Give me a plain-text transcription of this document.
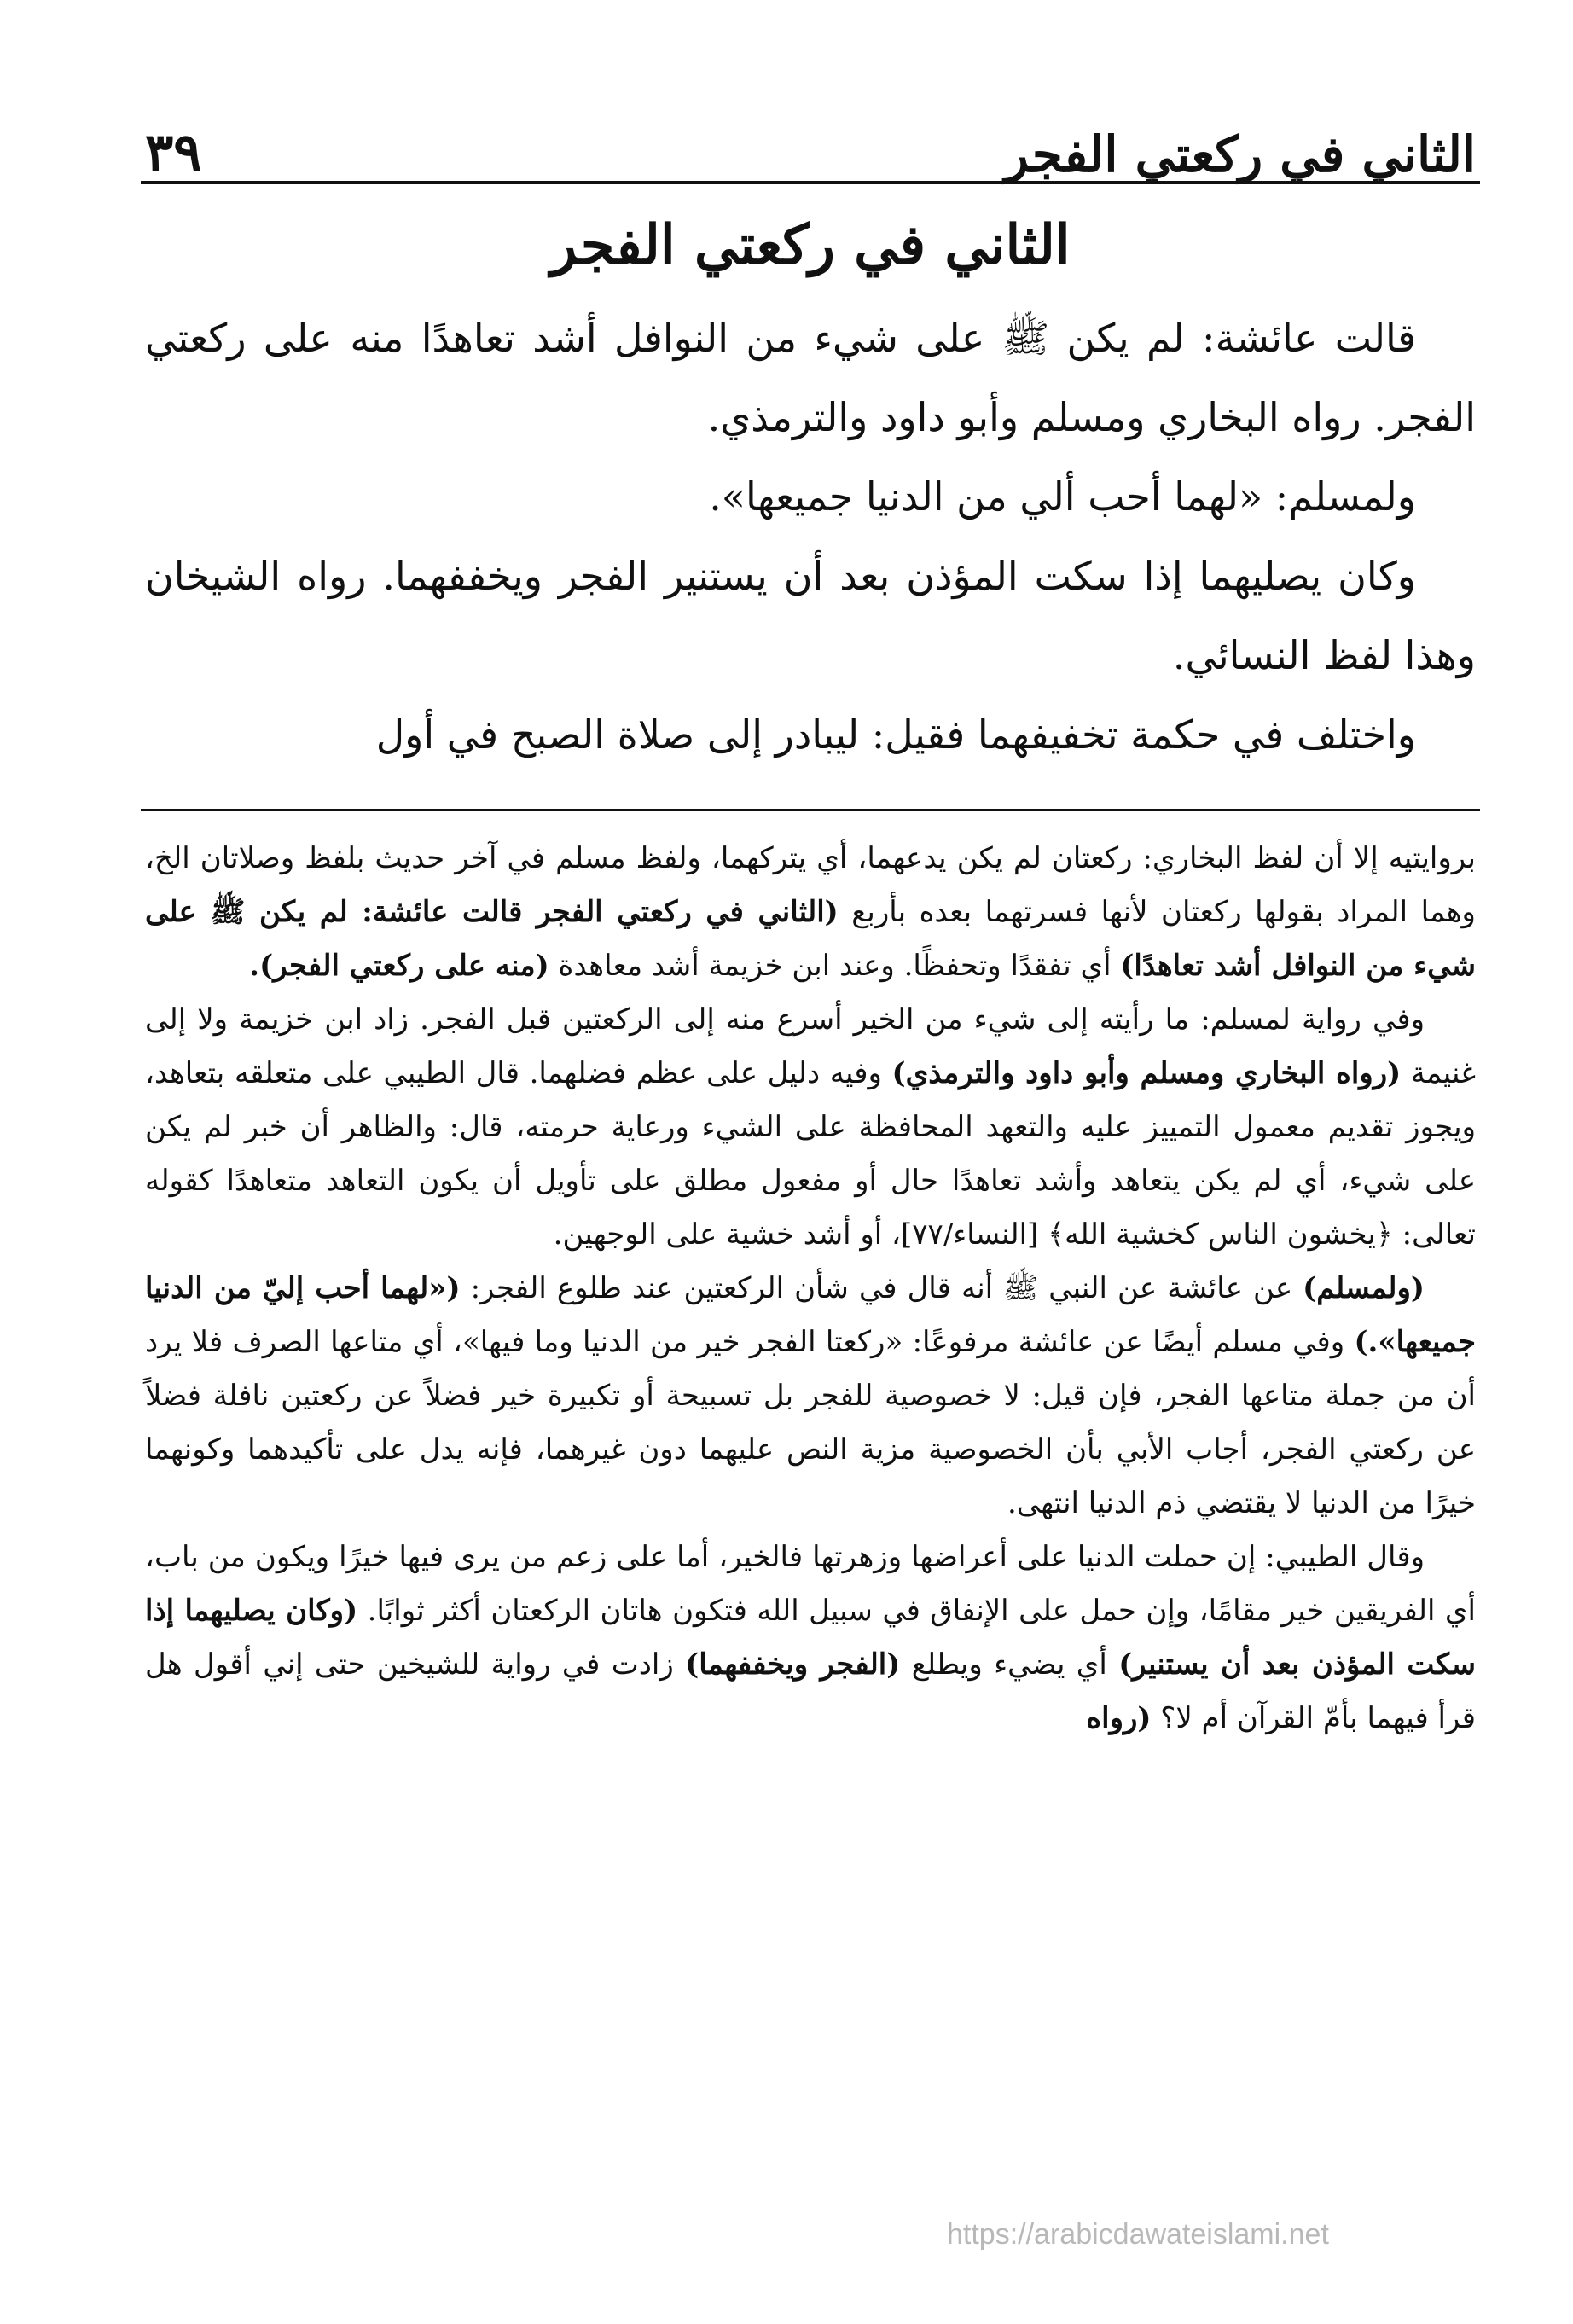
الثاني في ركعتي الفجر
٣٩
الثاني في ركعتي الفجر

قالت عائشة: لم يكن ﷺ على شيء من النوافل أشد تعاهدًا منه على ركعتي الفجر. رواه البخاري ومسلم وأبو داود والترمذي.

ولمسلم: «لهما أحب ألي من الدنيا جميعها».

وكان يصليهما إذا سكت المؤذن بعد أن يستنير الفجر ويخففهما. رواه الشيخان وهذا لفظ النسائي.

واختلف في حكمة تخفيفهما فقيل: ليبادر إلى صلاة الصبح في أول

بروايتيه إلا أن لفظ البخاري: ركعتان لم يكن يدعهما، أي يتركهما، ولفظ مسلم في آخر حديث بلفظ وصلاتان الخ، وهما المراد بقولها ركعتان لأنها فسرتهما بعده بأربع (الثاني في ركعتي الفجر قالت عائشة: لم يكن ﷺ على شيء من النوافل أشد تعاهدًا) أي تفقدًا وتحفظًا. وعند ابن خزيمة أشد معاهدة (منه على ركعتي الفجر).

وفي رواية لمسلم: ما رأيته إلى شيء من الخير أسرع منه إلى الركعتين قبل الفجر. زاد ابن خزيمة ولا إلى غنيمة (رواه البخاري ومسلم وأبو داود والترمذي) وفيه دليل على عظم فضلهما. قال الطيبي على متعلقه بتعاهد، ويجوز تقديم معمول التمييز عليه والتعهد المحافظة على الشيء ورعاية حرمته، قال: والظاهر أن خبر لم يكن على شيء، أي لم يكن يتعاهد وأشد تعاهدًا حال أو مفعول مطلق على تأويل أن يكون التعاهد متعاهدًا كقوله تعالى: ﴿يخشون الناس كخشية الله﴾ [النساء/٧٧]، أو أشد خشية على الوجهين.

(ولمسلم) عن عائشة عن النبي ﷺ أنه قال في شأن الركعتين عند طلوع الفجر: («لهما أحب إليّ من الدنيا جميعها».) وفي مسلم أيضًا عن عائشة مرفوعًا: «ركعتا الفجر خير من الدنيا وما فيها»، أي متاعها الصرف فلا يرد أن من جملة متاعها الفجر، فإن قيل: لا خصوصية للفجر بل تسبيحة أو تكبيرة خير فضلاً عن ركعتين نافلة فضلاً عن ركعتي الفجر، أجاب الأبي بأن الخصوصية مزية النص عليهما دون غيرهما، فإنه يدل على تأكيدهما وكونهما خيرًا من الدنيا لا يقتضي ذم الدنيا انتهى.

وقال الطيبي: إن حملت الدنيا على أعراضها وزهرتها فالخير، أما على زعم من يرى فيها خيرًا ويكون من باب، أي الفريقين خير مقامًا، وإن حمل على الإنفاق في سبيل الله فتكون هاتان الركعتان أكثر ثوابًا. (وكان يصليهما إذا سكت المؤذن بعد أن يستنير) أي يضيء ويطلع (الفجر ويخففهما) زادت في رواية للشيخين حتى إني أقول هل قرأ فيهما بأمّ القرآن أم لا؟ (رواه

https://arabicdawateislami.net
